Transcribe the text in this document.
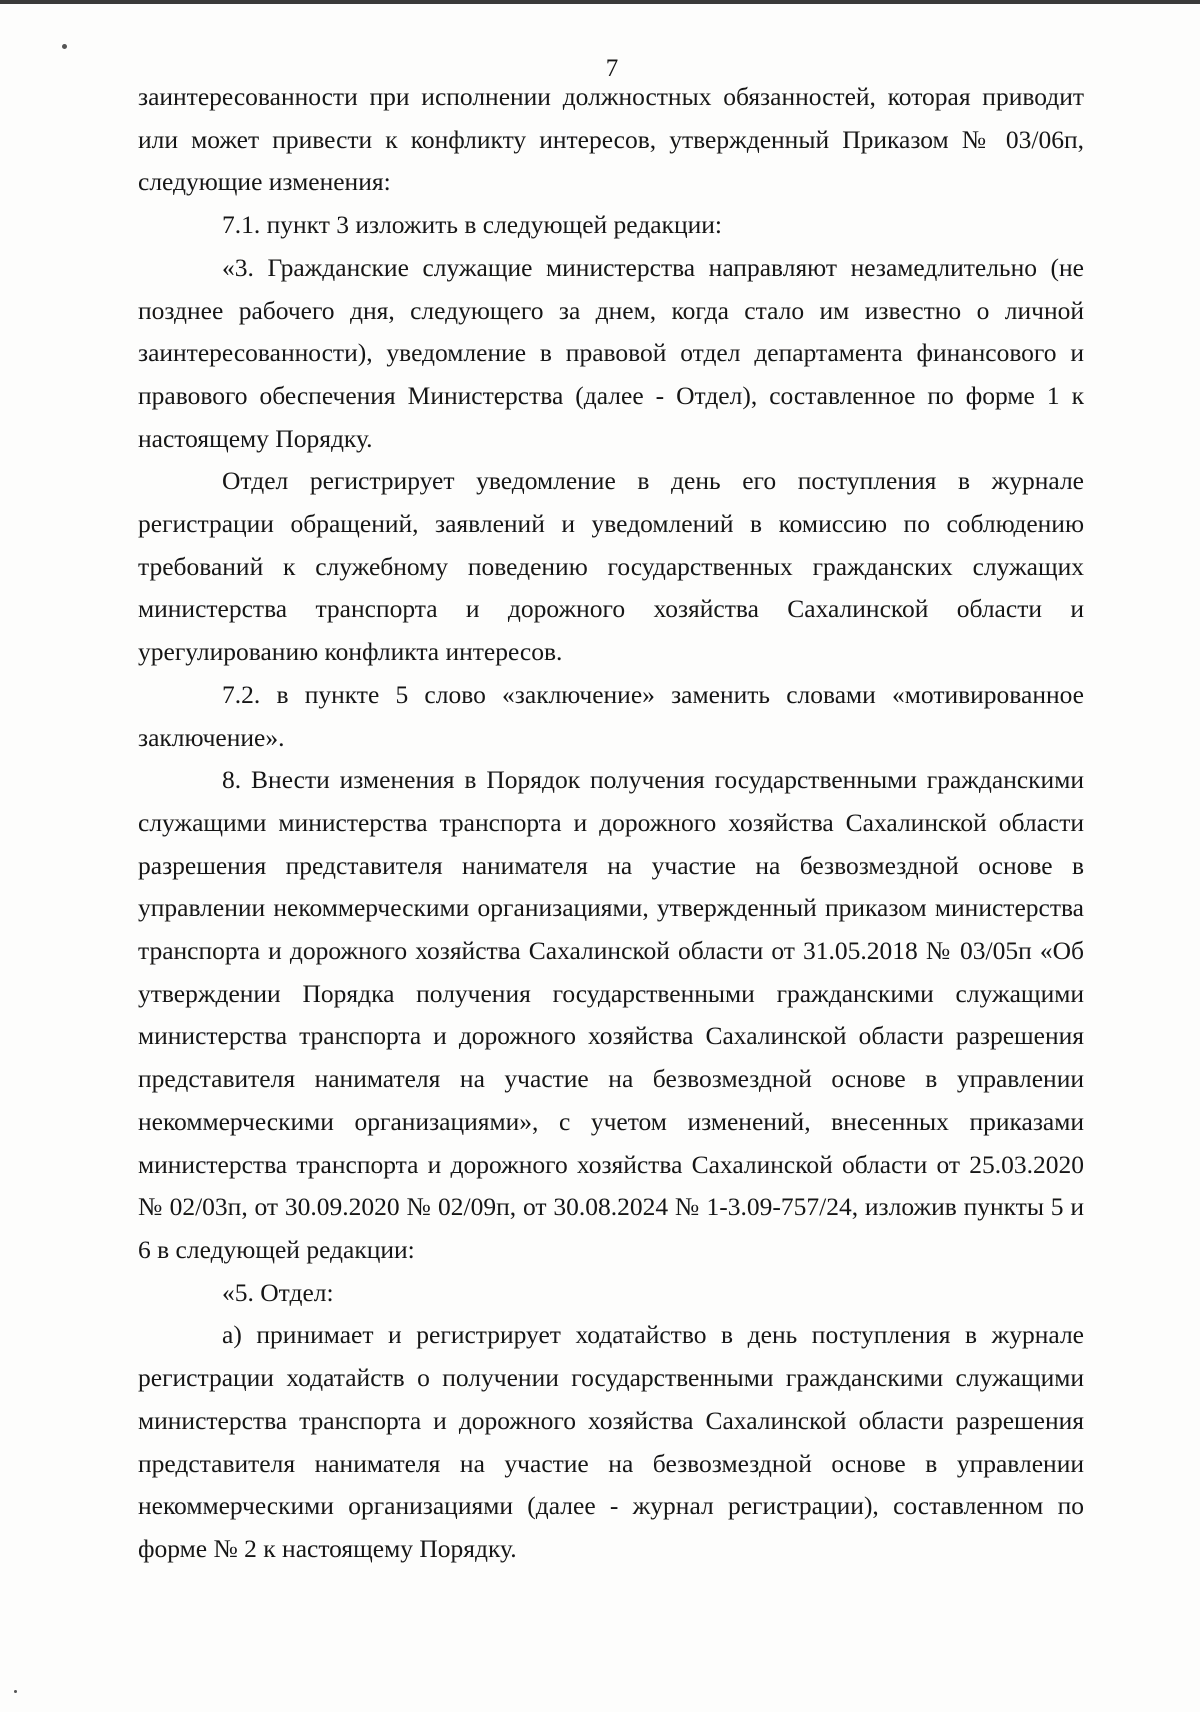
7

заинтересованности при исполнении должностных обязанностей, которая приводит или может привести к конфликту интересов, утвержденный Приказом № 03/06п, следующие изменения:

7.1. пункт 3 изложить в следующей редакции:

«3. Гражданские служащие министерства направляют незамедлительно (не позднее рабочего дня, следующего за днем, когда стало им известно о личной заинтересованности), уведомление в правовой отдел департамента финансового и правового обеспечения Министерства (далее - Отдел), составленное по форме 1 к настоящему Порядку.

Отдел регистрирует уведомление в день его поступления в журнале регистрации обращений, заявлений и уведомлений в комиссию по соблюдению требований к служебному поведению государственных гражданских служащих министерства транспорта и дорожного хозяйства Сахалинской области и урегулированию конфликта интересов.

7.2. в пункте 5 слово «заключение» заменить словами «мотивированное заключение».

8. Внести изменения в Порядок получения государственными гражданскими служащими министерства транспорта и дорожного хозяйства Сахалинской области разрешения представителя нанимателя на участие на безвозмездной основе в управлении некоммерческими организациями, утвержденный приказом министерства транспорта и дорожного хозяйства Сахалинской области от 31.05.2018 № 03/05п «Об утверждении Порядка получения государственными гражданскими служащими министерства транспорта и дорожного хозяйства Сахалинской области разрешения представителя нанимателя на участие на безвозмездной основе в управлении некоммерческими организациями», с учетом изменений, внесенных приказами министерства транспорта и дорожного хозяйства Сахалинской области от 25.03.2020 № 02/03п, от 30.09.2020 № 02/09п, от 30.08.2024 № 1-3.09-757/24, изложив пункты 5 и 6 в следующей редакции:

«5. Отдел:

а) принимает и регистрирует ходатайство в день поступления в журнале регистрации ходатайств о получении государственными гражданскими служащими министерства транспорта и дорожного хозяйства Сахалинской области разрешения представителя нанимателя на участие на безвозмездной основе в управлении некоммерческими организациями (далее - журнал регистрации), составленном по форме № 2 к настоящему Порядку.
